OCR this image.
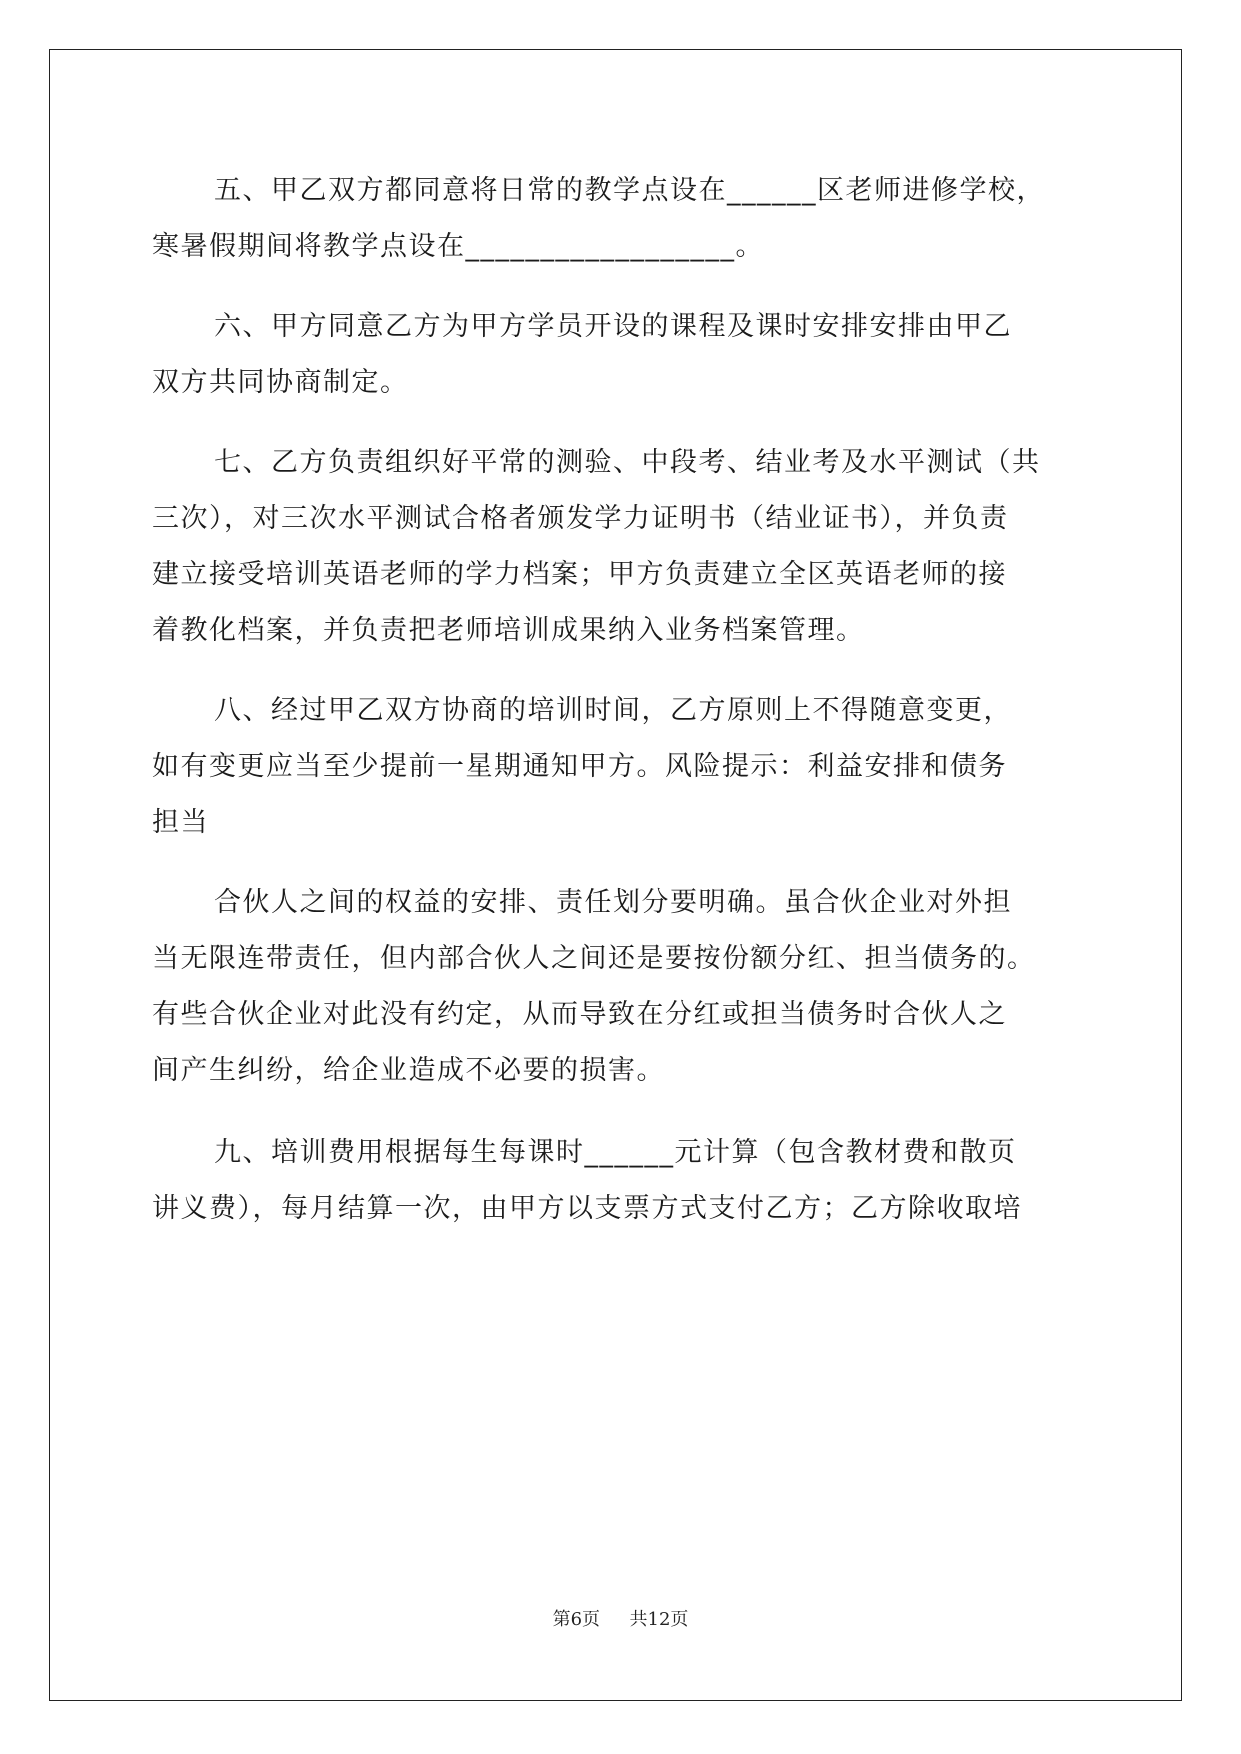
五、甲乙双方都同意将日常的教学点设在______区老师进修学校，
寒暑假期间将教学点设在__________________。

六、甲方同意乙方为甲方学员开设的课程及课时安排安排由甲乙
双方共同协商制定。

七、乙方负责组织好平常的测验、中段考、结业考及水平测试（共
三次），对三次水平测试合格者颁发学力证明书（结业证书），并负责
建立接受培训英语老师的学力档案；甲方负责建立全区英语老师的接
着教化档案，并负责把老师培训成果纳入业务档案管理。

八、经过甲乙双方协商的培训时间，乙方原则上不得随意变更，
如有变更应当至少提前一星期通知甲方。风险提示：利益安排和债务
担当

合伙人之间的权益的安排、责任划分要明确。虽合伙企业对外担
当无限连带责任，但内部合伙人之间还是要按份额分红、担当债务的。
有些合伙企业对此没有约定，从而导致在分红或担当债务时合伙人之
间产生纠纷，给企业造成不必要的损害。

九、培训费用根据每生每课时______元计算（包含教材费和散页
讲义费），每月结算一次，由甲方以支票方式支付乙方；乙方除收取培

第6页 共12页
